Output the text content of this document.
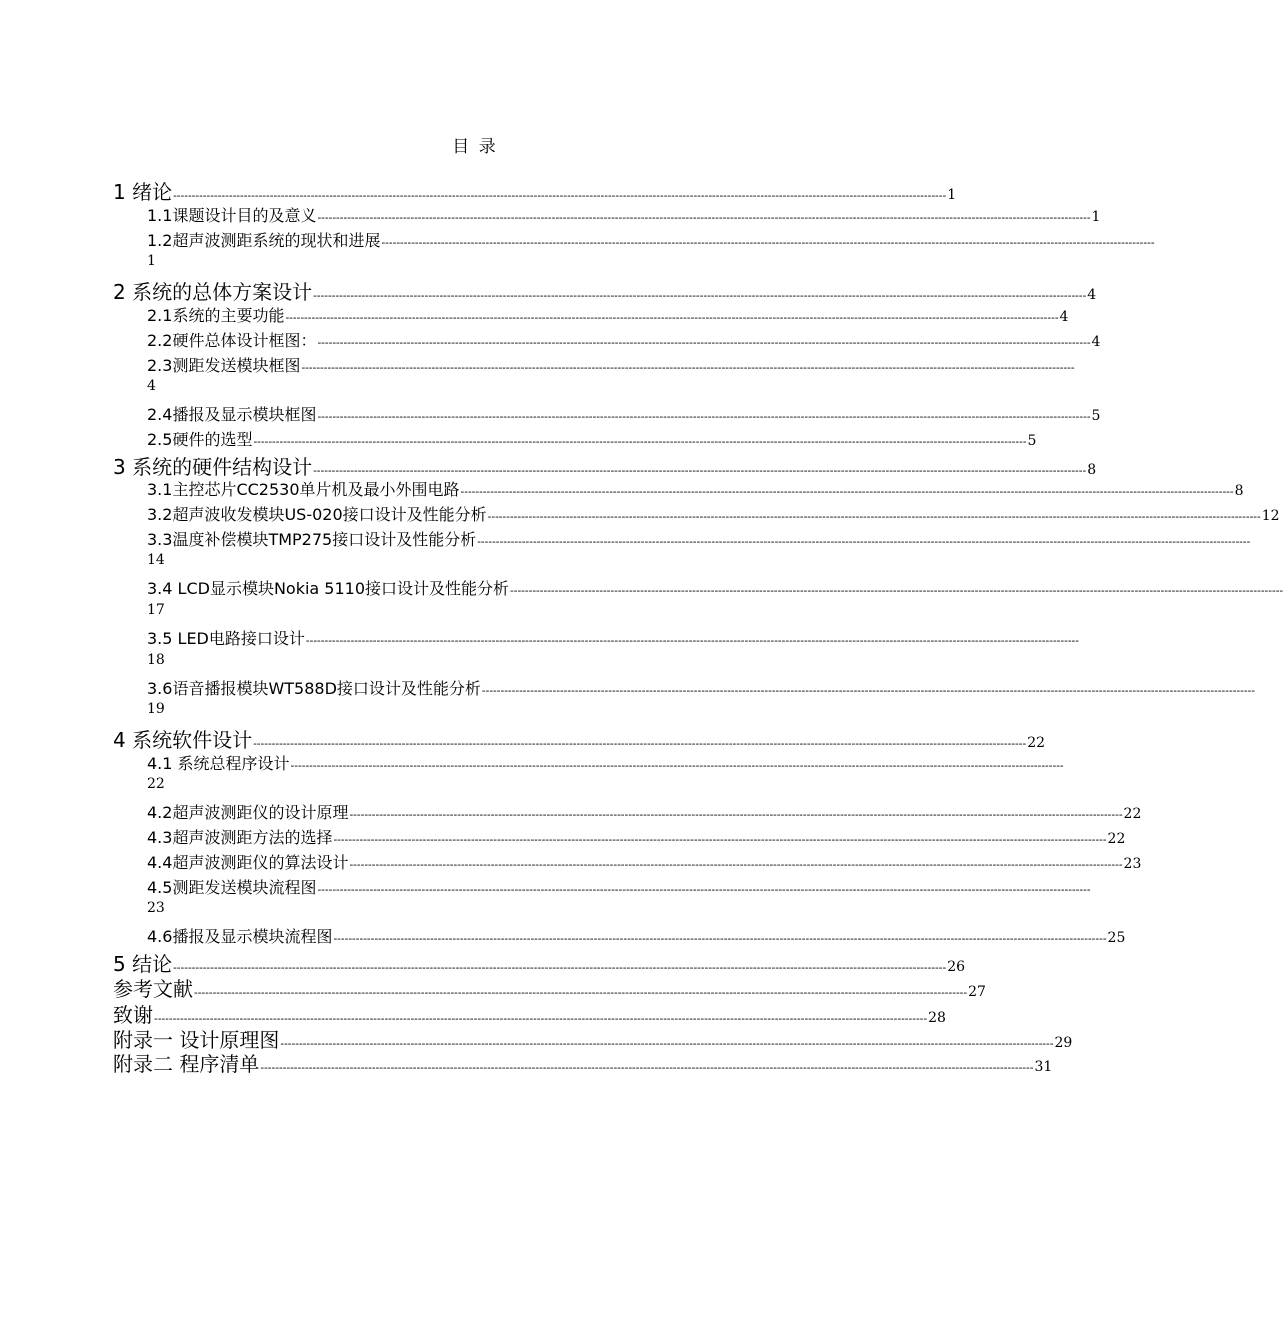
目 录
1 绪论 ---------------------------------------------------------------------------------------------------------------------------------------------------------------------------------------------------------------- 1
1.1课题设计目的及意义 ---------------------------------------------------------------------------------------------------------------------------------------------------------------------------------------------------------------- 1
1.2超声波测距系统的现状和进展 ----------------------------------------------------------------------------------------------------------------------------------------------------------------------------------------------------------------
1
2 系统的总体方案设计 ---------------------------------------------------------------------------------------------------------------------------------------------------------------------------------------------------------------- 4
2.1系统的主要功能 ---------------------------------------------------------------------------------------------------------------------------------------------------------------------------------------------------------------- 4
2.2硬件总体设计框图： ---------------------------------------------------------------------------------------------------------------------------------------------------------------------------------------------------------------- 4
2.3测距发送模块框图 ----------------------------------------------------------------------------------------------------------------------------------------------------------------------------------------------------------------
4
2.4播报及显示模块框图 ---------------------------------------------------------------------------------------------------------------------------------------------------------------------------------------------------------------- 5
2.5硬件的选型 ---------------------------------------------------------------------------------------------------------------------------------------------------------------------------------------------------------------- 5
3 系统的硬件结构设计 ---------------------------------------------------------------------------------------------------------------------------------------------------------------------------------------------------------------- 8
3.1主控芯片CC2530单片机及最小外围电路 ---------------------------------------------------------------------------------------------------------------------------------------------------------------------------------------------------------------- 8
3.2超声波收发模块US-020接口设计及性能分析 ---------------------------------------------------------------------------------------------------------------------------------------------------------------------------------------------------------------- 12
3.3温度补偿模块TMP275接口设计及性能分析 ----------------------------------------------------------------------------------------------------------------------------------------------------------------------------------------------------------------
14
3.4 LCD显示模块Nokia 5110接口设计及性能分析 ----------------------------------------------------------------------------------------------------------------------------------------------------------------------------------------------------------------
17
3.5 LED电路接口设计 ----------------------------------------------------------------------------------------------------------------------------------------------------------------------------------------------------------------
18
3.6语音播报模块WT588D接口设计及性能分析 ----------------------------------------------------------------------------------------------------------------------------------------------------------------------------------------------------------------
19
4 系统软件设计 ---------------------------------------------------------------------------------------------------------------------------------------------------------------------------------------------------------------- 22
4.1 系统总程序设计 ----------------------------------------------------------------------------------------------------------------------------------------------------------------------------------------------------------------
22
4.2超声波测距仪的设计原理 ---------------------------------------------------------------------------------------------------------------------------------------------------------------------------------------------------------------- 22
4.3超声波测距方法的选择 ---------------------------------------------------------------------------------------------------------------------------------------------------------------------------------------------------------------- 22
4.4超声波测距仪的算法设计 ---------------------------------------------------------------------------------------------------------------------------------------------------------------------------------------------------------------- 23
4.5测距发送模块流程图 ----------------------------------------------------------------------------------------------------------------------------------------------------------------------------------------------------------------
23
4.6播报及显示模块流程图 ---------------------------------------------------------------------------------------------------------------------------------------------------------------------------------------------------------------- 25
5 结论 ---------------------------------------------------------------------------------------------------------------------------------------------------------------------------------------------------------------- 26
参考文献 ---------------------------------------------------------------------------------------------------------------------------------------------------------------------------------------------------------------- 27
致谢 ---------------------------------------------------------------------------------------------------------------------------------------------------------------------------------------------------------------- 28
附录一 设计原理图 ---------------------------------------------------------------------------------------------------------------------------------------------------------------------------------------------------------------- 29
附录二 程序清单 ---------------------------------------------------------------------------------------------------------------------------------------------------------------------------------------------------------------- 31
